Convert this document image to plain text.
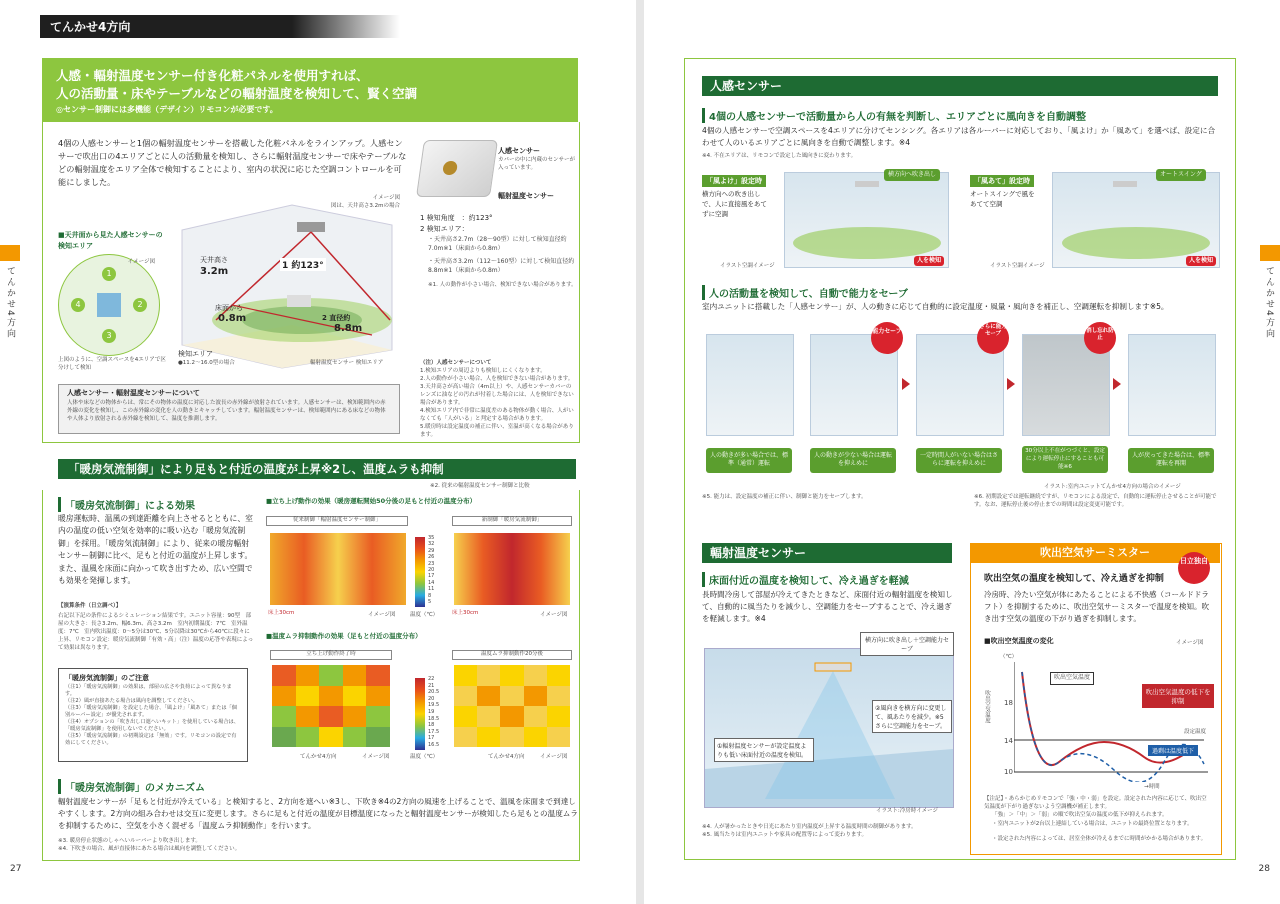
てんかせ4方向
てんかせ4方向
人感・輻射温度センサー付き化粧パネルを使用すれば、
人の活動量・床やテーブルなどの輻射温度を検知して、賢く空調
◎センサー制御には多機能（デザイン）リモコンが必要です。
4個の人感センサーと1個の輻射温度センサーを搭載した化粧パネルをラインアップ。人感センサーで吹出口の4エリアごとに人の活動量を検知し、さらに輻射温度センサーで床やテーブルなどの輻射温度をエリア全体で検知することにより、室内の状況に応じた空調コントロールを可能にしました。
人感センサー
カバーの中に内蔵のセンサーが入っています。
輻射温度センサー
■天井面から見た人感センサーの検知エリア
イメージ図
1
2
3
4
上図のように、空調スペースを4エリアで区分けして検知
イメージ図
図は、天井高さ3.2mの場合
天井高さ
3.2m	1 約123°
床面から
0.8m	2 直径約
8.8m
検知エリア
●11.2〜16.0型の場合	輻射温度センサー 検知エリア
1 検知角度　：約123°
2 検知エリア：
・天井高さ2.7m（28〜90型）に対して検知直径約7.0m※1（床面から0.8m）
・天井高さ3.2m（112〜160型）に対して検知直径約8.8m※1（床面から0.8m）
※1. 人の動作が小さい場合、検知できない場合があります。
人感センサー・輻射温度センサーについて
人体や床などの物体からは、常にその物体の温度に対応した波長の赤外線が放射されています。人感センサーは、検知範囲内の赤外線の変化を検知し、この赤外線の変化を人の動きとキャッチしています。輻射温度センサーは、検知範囲内にある床などの物体や人体より放射される赤外線を検知して、温度を推測します。
（注）人感センサーについて
1.検知エリアの周辺よりも検知しにくくなります。
2.人の動作が小さい場合、人を検知できない場合があります。
3.天井高さが高い場合（4m以上）や、人感センサーカバーのレンズに油などの汚れが付着した場合には、人を検知できない場合があります。
4.検知エリア内で非常に温度差のある物体が動く場合、人がいなくても「人がいる」と判定する場合があります。
5.暖房時は設定温度の補正に伴い、室温が高くなる場合があります。
「暖房気流制御」により足もと付近の温度が上昇※2し、温度ムラも抑制
※2. 従来の輻射温度センサー制御と比較
「暖房気流制御」による効果
暖房運転時、温風の到達距離を向上させるとともに、室内の温度の低い空気を効率的に吸い込む「暖房気流制御」を採用。「暖房気流制御」により、従来の暖房輻射センサー制御に比べ、足もと付近の温度が上昇します。また、温風を床面に向かって吹き出すため、広い空間でも効果を発揮します。
【演算条件（日立調べ）】
右記以下記の条件によるシミュレーション結果です。ユニット容量：90型　部屋の大きさ：長さ3.2m、幅6.3m、高さ3.2m　室内初期温度：7℃　室外温度：7℃　室内吹出温度：0〜5分は30℃、5分以降は30℃から40℃に段々に上昇、リモコン設定：暖房気流制御「有効・高」（注）温度の応答や表現によって効果は異なります。
■立ち上げ動作の効果（暖房運転開始50分後の足もと付近の温度分布）
従来制御「輻射温度センサー制御」	新制御「暖房気流制御」
35
32
29
26
23
20
17
14
11
8
5
床上30cm	イメージ図	温度（℃）	床上30cm	イメージ図
■温度ムラ抑制動作の効果（足もと付近の温度分布）
立ち上げ動作終了時	温度ムラ抑制動作20分後
22
21
20.5
20
19.5
19
18.5
18
17.5
17
16.5
てんかせ4方向	イメージ図	温度（℃）	てんかせ4方向	イメージ図
「暖房気流制御」のご注意
（注1）「暖房気流制御」の効果は、部屋の広さや負荷によって異なります。
（注2）風が直接あたる場合は風向を調整してください。
（注3）「暖房気流制御」を設定した場合、「風よけ」「風あて」または「個別ルーバー設定」が優先されます。
（注4）オプションの「吹き出し口遮へいキット」を使用している場合は、「暖房気流制御」を使用しないでください。
（注5）「暖房気流制御」の初期設定は「無効」です。リモコンの設定で有効にしてください。
「暖房気流制御」のメカニズム
輻射温度センサーが「足もと付近が冷えている」と検知すると、2方向を遮へい※3し、下吹き※4の2方向の風速を上げることで、温風を床面まで到達しやすくします。2方向の組み合わせは交互に変更します。さらに足もと付近の温度が目標温度になったと輻射温度センサーが検知したら足もとの温度ムラを抑制するために、空気を小さく混ぜる「温度ムラ抑制動作」を行います。
※3. 暖房停止状態のしゃへいルーバーより吹き出します。
※4. 下吹きの場合、風が直接体にあたる場合は風向を調整してください。
27
てんかせ4方向
人感センサー
4個の人感センサーで活動量から人の有無を判断し、エリアごとに風向きを自動調整
4個の人感センサーで空調スペースを4エリアに分けてセンシング。各エリアは各ルーバーに対応しており、「風よけ」か「風あて」を選べば、設定に合わせて人のいるエリアごとに風向きを自動で調整します。※4
※4. 不在エリアは、リモコンで設定した風向きに変わります。
「風よけ」設定時
横方向への吹き出しで、人に直接風をあてずに空調
横方向へ吹き出し
人を検知
イラスト空調イメージ
「風あて」設定時
オートスイングで風をあてて空調
オートスイング
人を検知
イラスト空調イメージ
人の活動量を検知して、自動で能力をセーブ
室内ユニットに搭載した「人感センサー」が、人の動きに応じて自動的に設定温度・風量・風向きを補正し、空調運転を抑制します※5。
能力セーブ
さらに能力セーブ
消し忘れ防止
人の動きが多い場合では、標準（通常）運転
人の動きが少ない場合は運転を抑えめに
一定時間人がいない場合はさらに運転を抑えめに
30分以上不在がつづくと、設定により運転停止にすることも可能※6
人が戻ってきた場合は、標準運転を再開
イラスト:室内ユニットてんかせ4方向の場合のイメージ
※5. 能力は、設定温度の補正に伴い、制御と能力をセーブします。	※6. 初期設定では運転継続ですが、リモコンによる設定で、自動的に運転停止させることが可能です。なお、運転停止後の停止までの時間は設定変更可能です。
輻射温度センサー
床面付近の温度を検知して、冷え過ぎを軽減
長時間冷房して部屋が冷えてきたときなど、床面付近の輻射温度を検知して、自動的に風当たりを減少し、空調能力をセーブすることで、冷え過ぎを軽減します。※4
横方向に吹き出し＋空調能力セーブ
②風向きを横方向に変更して、風あたりを減少。※5さらに空調能力をセーブ。
①輻射温度センサーが設定温度よりも低い床面付近の温度を検知。
イラスト:冷房時イメージ
※4. 人が暑かったときや日光にあたり室内温度が上昇する温度時間の制御があります。
※5. 風当たりは室内ユニットや家具の配置等によって変わります。
吹出空気サーミスター
日立独自
吹出空気の温度を検知して、冷え過ぎを抑制
冷房時、冷たい空気が体にあたることによる不快感（コールドドラフト）を抑制するために、吹出空気サーミスターで温度を検知。吹き出す空気の温度の下がり過ぎを抑制します。
■吹出空気温度の変化	イメージ図
（℃）
吹出空気温度 18
14
10
吹出空気温度
吹出空気温度の低下を抑制
過剰は温度低下
設定温度
→時間
【注記】・あらかじめリモコンで「強・中・弱」を設定。設定された内容に応じて、吹出空気温度が下がり過ぎないよう空調機が補正します。
「強」＞「中」＞「弱」の順で吹出空気の温度の低下が抑えられます。
・室内ユニットが2台以上連結している場合は、ユニットの最終位置となります。
・設定された内容によっては、居室全体が冷えるまでに時間がかかる場合があります。
28
